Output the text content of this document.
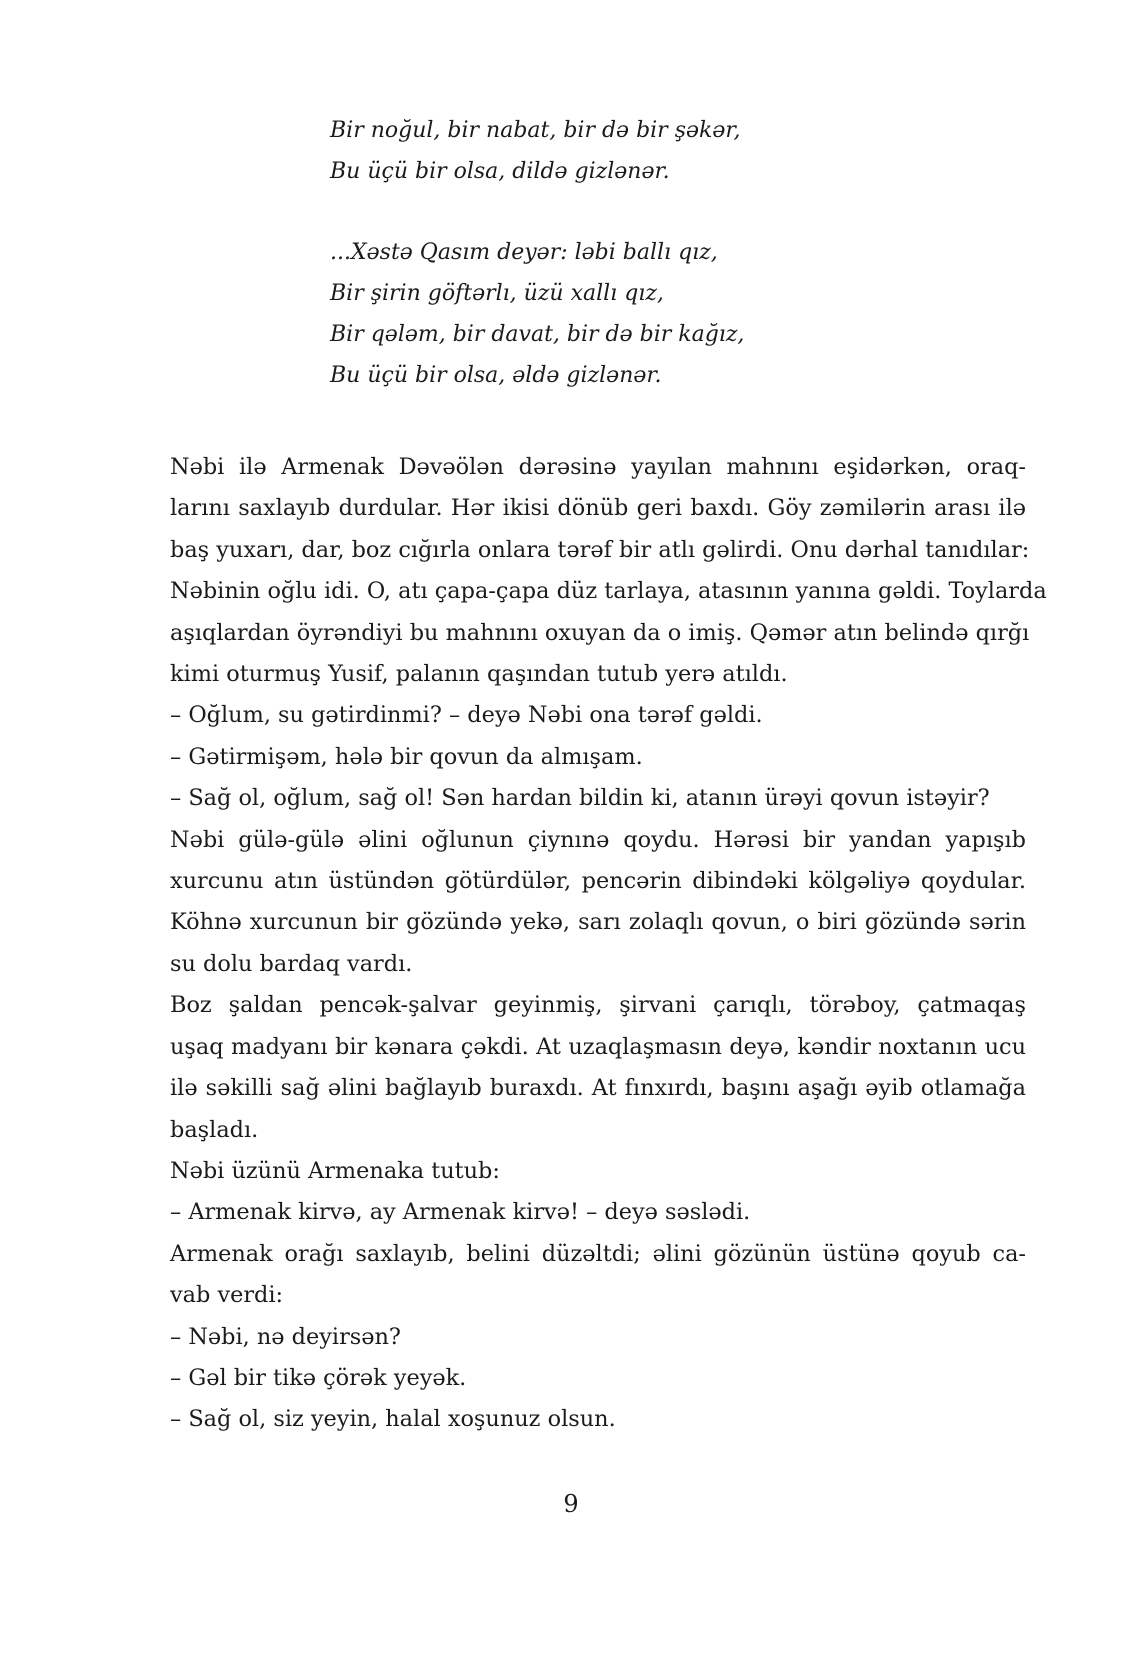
Bir noğul, bir nabat, bir də bir şəkər,
Bu üçü bir olsa, dildə gizlənər.
...Xəstə Qasım deyər: ləbi ballı qız,
Bir şirin göftərlı, üzü xallı qız,
Bir qələm, bir davat, bir də bir kağız,
Bu üçü bir olsa, əldə gizlənər.

Nəbi ilə Armenak Dəvəölən dərəsinə yayılan mahnını eşidərkən, oraq-
larını saxlayıb durdular. Hər ikisi dönüb geri baxdı. Göy zəmilərin arası ilə
baş yuxarı, dar, boz cığırla onlara tərəf bir atlı gəlirdi. Onu dərhal tanıdılar:
Nəbinin oğlu idi. O, atı çapa-çapa düz tarlaya, atasının yanına gəldi. Toylarda
aşıqlardan öyrəndiyi bu mahnını oxuyan da o imiş. Qəmər atın belində qırğı
kimi oturmuş Yusif, palanın qaşından tutub yerə atıldı.

– Oğlum, su gətirdinmi? – deyə Nəbi ona tərəf gəldi.

– Gətirmişəm, hələ bir qovun da almışam.

– Sağ ol, oğlum, sağ ol! Sən hardan bildin ki, atanın ürəyi qovun istəyir?

Nəbi gülə-gülə əlini oğlunun çiynınə qoydu. Hərəsi bir yandan yapışıb
xurcunu atın üstündən götürdülər, pencərin dibindəki kölgəliyə qoydular.
Köhnə xurcunun bir gözündə yekə, sarı zolaqlı qovun, o biri gözündə sərin
su dolu bardaq vardı.

Boz şaldan pencək-şalvar geyinmiş, şirvani çarıqlı, törəboy, çatmaqaş
uşaq madyanı bir kənara çəkdi. At uzaqlaşmasın deyə, kəndir noxtanın ucu
ilə səkilli sağ əlini bağlayıb buraxdı. At fınxırdı, başını aşağı əyib otlamağa
başladı.

Nəbi üzünü Armenaka tutub:

– Armenak kirvə, ay Armenak kirvə! – deyə səslədi.

Armenak orağı saxlayıb, belini düzəltdi; əlini gözünün üstünə qoyub ca-
vab verdi:

– Nəbi, nə deyirsən?

– Gəl bir tikə çörək yeyək.

– Sağ ol, siz yeyin, halal xoşunuz olsun.

9
